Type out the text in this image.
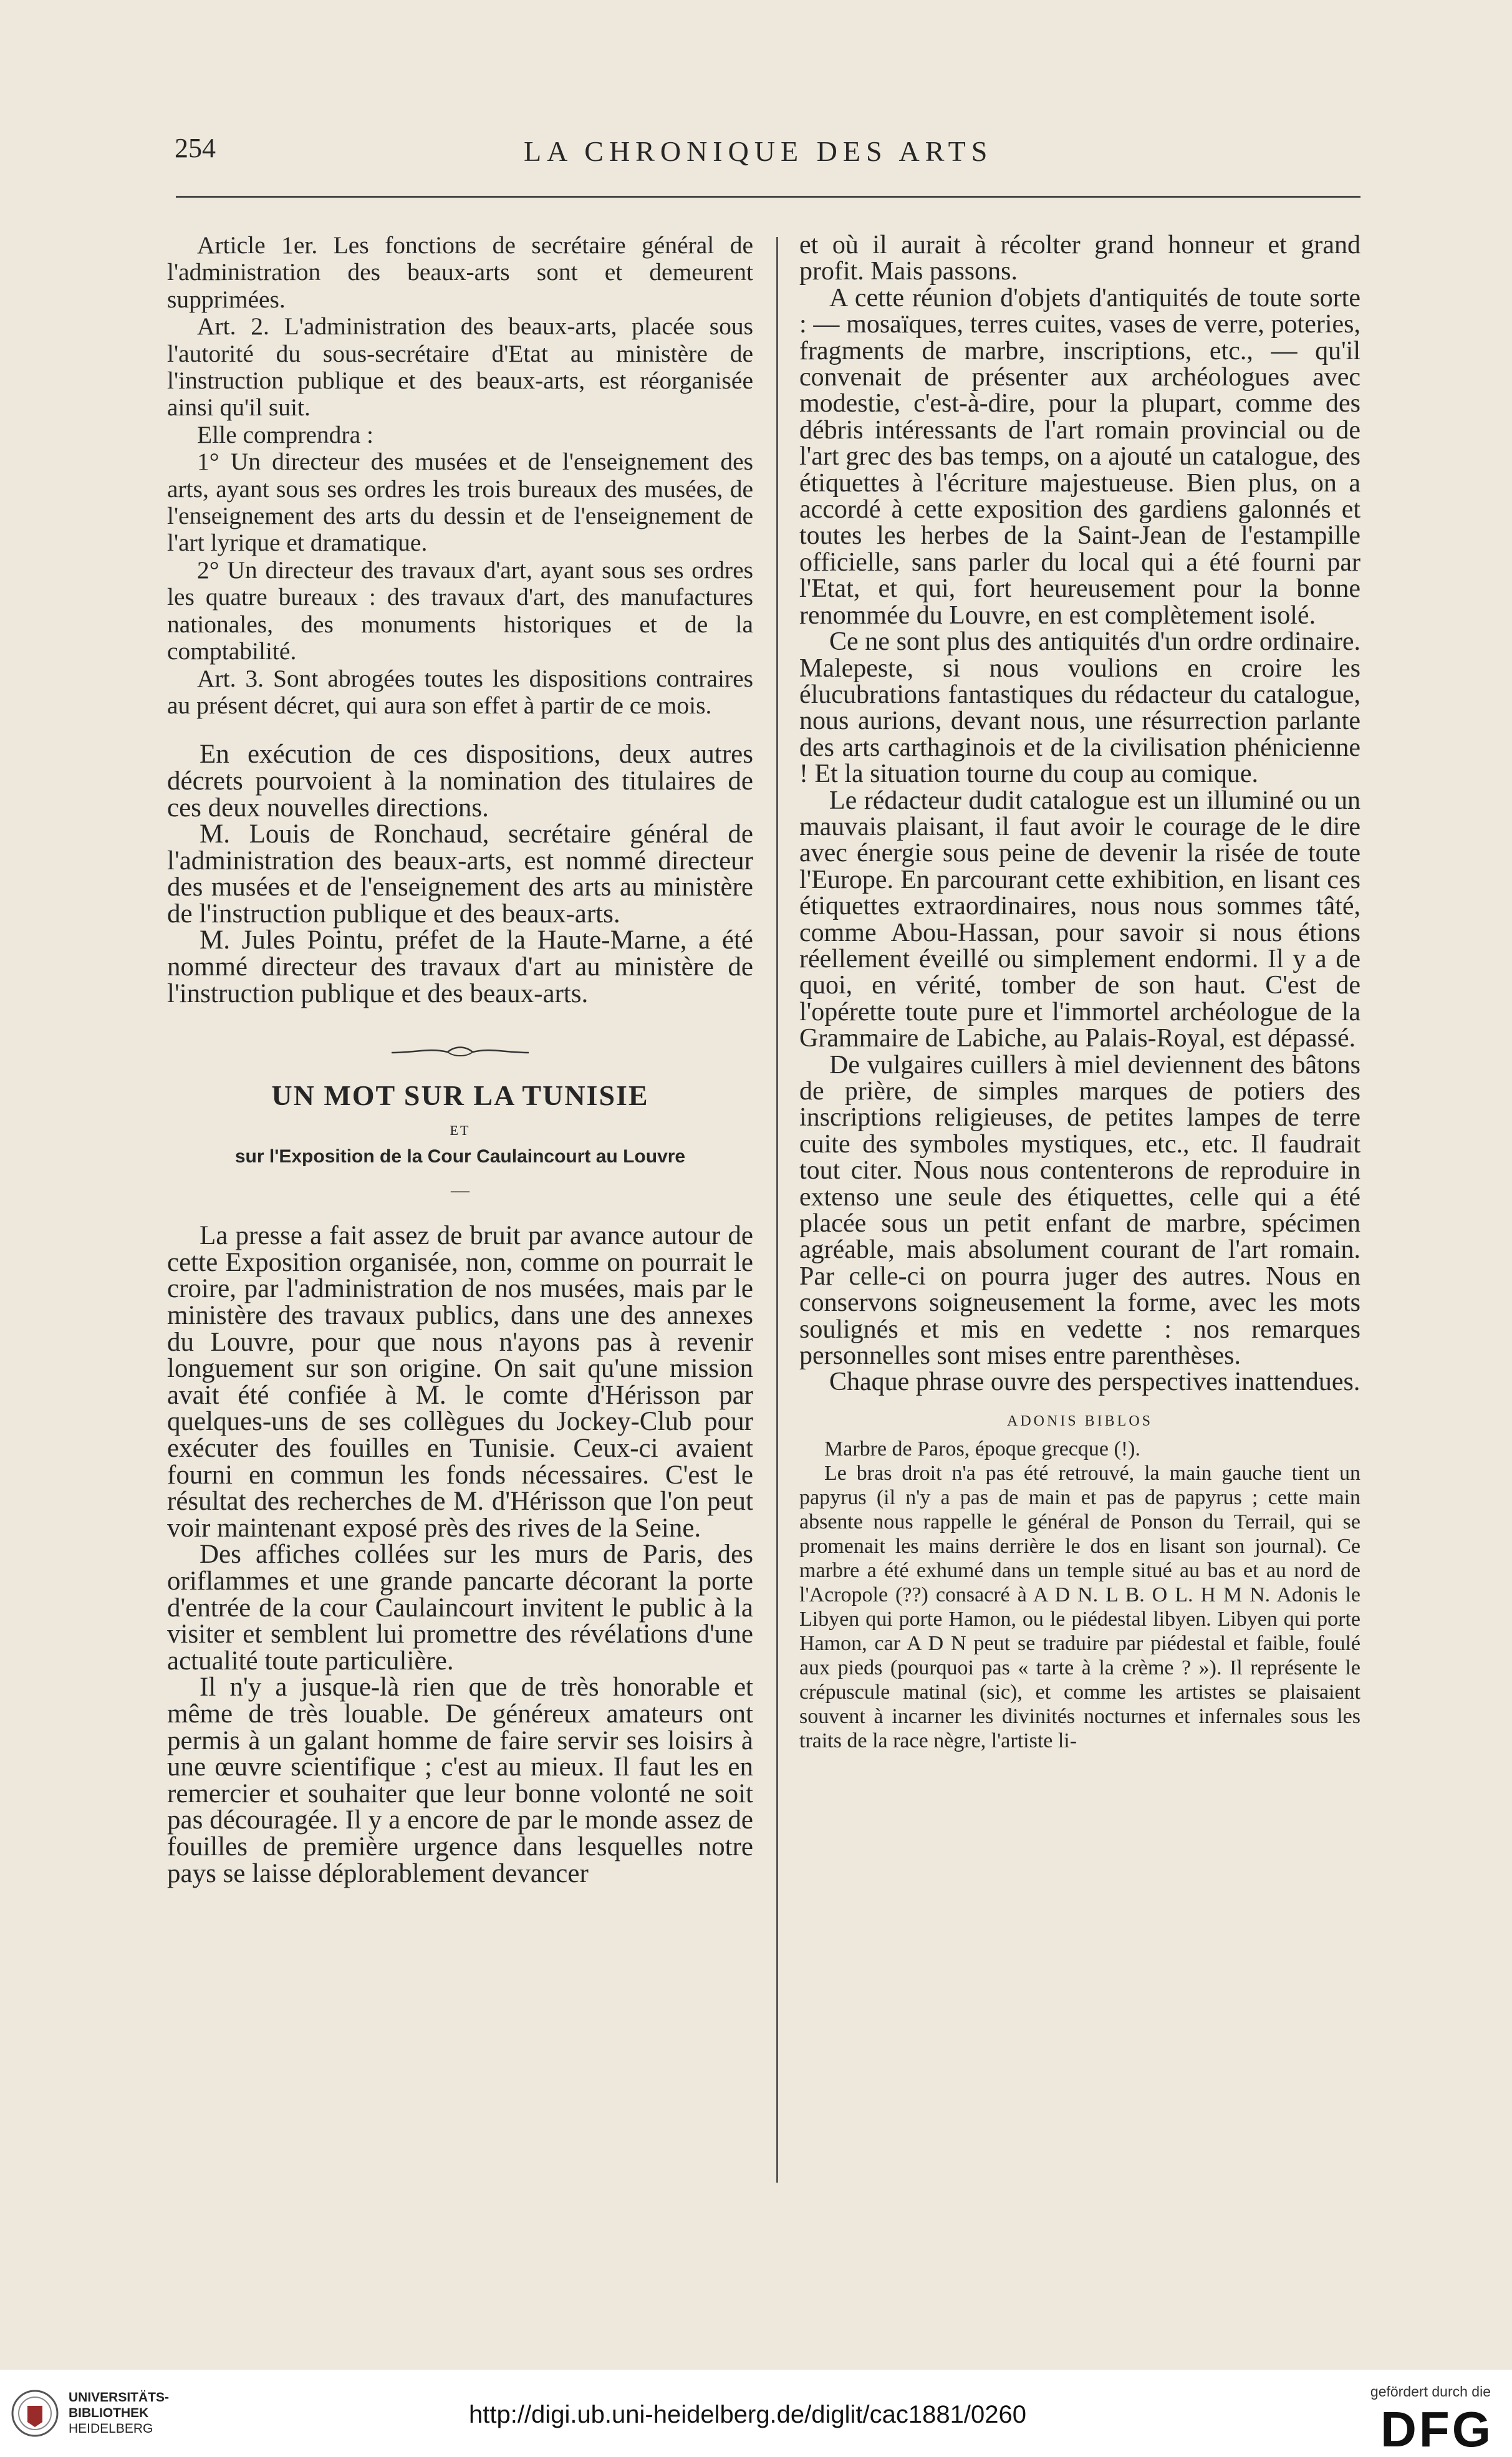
254	LA CHRONIQUE DES ARTS

Article 1er. Les fonctions de secrétaire général de l'administration des beaux-arts sont et demeurent supprimées.

Art. 2. L'administration des beaux-arts, placée sous l'autorité du sous-secrétaire d'Etat au ministère de l'instruction publique et des beaux-arts, est réorganisée ainsi qu'il suit.

Elle comprendra :

1° Un directeur des musées et de l'enseignement des arts, ayant sous ses ordres les trois bureaux des musées, de l'enseignement des arts du dessin et de l'enseignement de l'art lyrique et dramatique.

2° Un directeur des travaux d'art, ayant sous ses ordres les quatre bureaux : des travaux d'art, des manufactures nationales, des monuments historiques et de la comptabilité.

Art. 3. Sont abrogées toutes les dispositions contraires au présent décret, qui aura son effet à partir de ce mois.

En exécution de ces dispositions, deux autres décrets pourvoient à la nomination des titulaires de ces deux nouvelles directions.

M. Louis de Ronchaud, secrétaire général de l'administration des beaux-arts, est nommé directeur des musées et de l'enseignement des arts au ministère de l'instruction publique et des beaux-arts.

M. Jules Pointu, préfet de la Haute-Marne, a été nommé directeur des travaux d'art au ministère de l'instruction publique et des beaux-arts.

UN MOT SUR LA TUNISIE
ET
sur l'Exposition de la Cour Caulaincourt au Louvre
—

La presse a fait assez de bruit par avance autour de cette Exposition organisée, non, comme on pourrait le croire, par l'administration de nos musées, mais par le ministère des travaux publics, dans une des annexes du Louvre, pour que nous n'ayons pas à revenir longuement sur son origine. On sait qu'une mission avait été confiée à M. le comte d'Hérisson par quelques-uns de ses collègues du Jockey-Club pour exécuter des fouilles en Tunisie. Ceux-ci avaient fourni en commun les fonds nécessaires. C'est le résultat des recherches de M. d'Hérisson que l'on peut voir maintenant exposé près des rives de la Seine.

Des affiches collées sur les murs de Paris, des oriflammes et une grande pancarte décorant la porte d'entrée de la cour Caulaincourt invitent le public à la visiter et semblent lui promettre des révélations d'une actualité toute particulière.

Il n'y a jusque-là rien que de très honorable et même de très louable. De généreux amateurs ont permis à un galant homme de faire servir ses loisirs à une œuvre scientifique ; c'est au mieux. Il faut les en remercier et souhaiter que leur bonne volonté ne soit pas découragée. Il y a encore de par le monde assez de fouilles de première urgence dans lesquelles notre pays se laisse déplorablement devancer

et où il aurait à récolter grand honneur et grand profit. Mais passons.

A cette réunion d'objets d'antiquités de toute sorte : — mosaïques, terres cuites, vases de verre, poteries, fragments de marbre, inscriptions, etc., — qu'il convenait de présenter aux archéologues avec modestie, c'est-à-dire, pour la plupart, comme des débris intéressants de l'art romain provincial ou de l'art grec des bas temps, on a ajouté un catalogue, des étiquettes à l'écriture majestueuse. Bien plus, on a accordé à cette exposition des gardiens galonnés et toutes les herbes de la Saint-Jean de l'estampille officielle, sans parler du local qui a été fourni par l'Etat, et qui, fort heureusement pour la bonne renommée du Louvre, en est complètement isolé.

Ce ne sont plus des antiquités d'un ordre ordinaire. Malepeste, si nous voulions en croire les élucubrations fantastiques du rédacteur du catalogue, nous aurions, devant nous, une résurrection parlante des arts carthaginois et de la civilisation phénicienne ! Et la situation tourne du coup au comique.

Le rédacteur dudit catalogue est un illuminé ou un mauvais plaisant, il faut avoir le courage de le dire avec énergie sous peine de devenir la risée de toute l'Europe. En parcourant cette exhibition, en lisant ces étiquettes extraordinaires, nous nous sommes tâté, comme Abou-Hassan, pour savoir si nous étions réellement éveillé ou simplement endormi. Il y a de quoi, en vérité, tomber de son haut. C'est de l'opérette toute pure et l'immortel archéologue de la Grammaire de Labiche, au Palais-Royal, est dépassé.

De vulgaires cuillers à miel deviennent des bâtons de prière, de simples marques de potiers des inscriptions religieuses, de petites lampes de terre cuite des symboles mystiques, etc., etc. Il faudrait tout citer. Nous nous contenterons de reproduire in extenso une seule des étiquettes, celle qui a été placée sous un petit enfant de marbre, spécimen agréable, mais absolument courant de l'art romain. Par celle-ci on pourra juger des autres. Nous en conservons soigneusement la forme, avec les mots soulignés et mis en vedette : nos remarques personnelles sont mises entre parenthèses.

Chaque phrase ouvre des perspectives inattendues.

ADONIS BIBLOS

Marbre de Paros, époque grecque (!).

Le bras droit n'a pas été retrouvé, la main gauche tient un papyrus (il n'y a pas de main et pas de papyrus ; cette main absente nous rappelle le général de Ponson du Terrail, qui se promenait les mains derrière le dos en lisant son journal). Ce marbre a été exhumé dans un temple situé au bas et au nord de l'Acropole (??) consacré à A D N. L B. O L. H M N. Adonis le Libyen qui porte Hamon, ou le piédestal libyen. Libyen qui porte Hamon, car A D N peut se traduire par piédestal et faible, foulé aux pieds (pourquoi pas « tarte à la crème ? »). Il représente le crépuscule matinal (sic), et comme les artistes se plaisaient souvent à incarner les divinités nocturnes et infernales sous les traits de la race nègre, l'artiste li-

UNIVERSITÄTS-
BIBLIOTHEK
HEIDELBERG
http://digi.ub.uni-heidelberg.de/diglit/cac1881/0260
gefördert durch die
DFG
